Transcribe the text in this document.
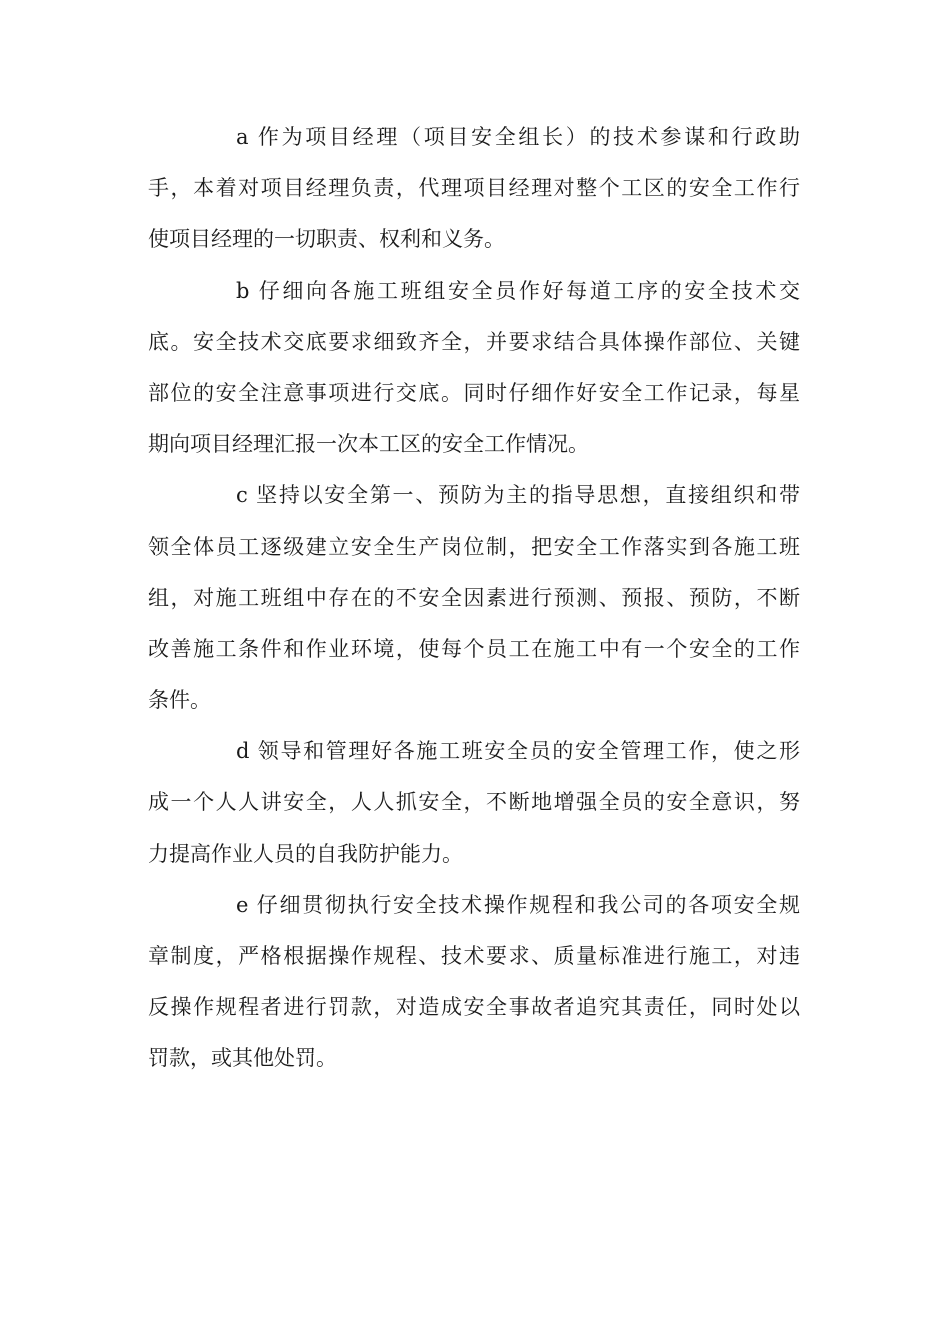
a 作为项目经理（项目安全组长）的技术参谋和行政助
手，本着对项目经理负责，代理项目经理对整个工区的安全工作行
使项目经理的一切职责、权利和义务。
b 仔细向各施工班组安全员作好每道工序的安全技术交
底。安全技术交底要求细致齐全，并要求结合具体操作部位、关键
部位的安全注意事项进行交底。同时仔细作好安全工作记录，每星
期向项目经理汇报一次本工区的安全工作情况。
c 坚持以安全第一、预防为主的指导思想，直接组织和带
领全体员工逐级建立安全生产岗位制，把安全工作落实到各施工班
组，对施工班组中存在的不安全因素进行预测、预报、预防，不断
改善施工条件和作业环境，使每个员工在施工中有一个安全的工作
条件。
d 领导和管理好各施工班安全员的安全管理工作，使之形
成一个人人讲安全，人人抓安全，不断地增强全员的安全意识，努
力提高作业人员的自我防护能力。
e 仔细贯彻执行安全技术操作规程和我公司的各项安全规
章制度，严格根据操作规程、技术要求、质量标准进行施工，对违
反操作规程者进行罚款，对造成安全事故者追究其责任，同时处以
罚款，或其他处罚。
